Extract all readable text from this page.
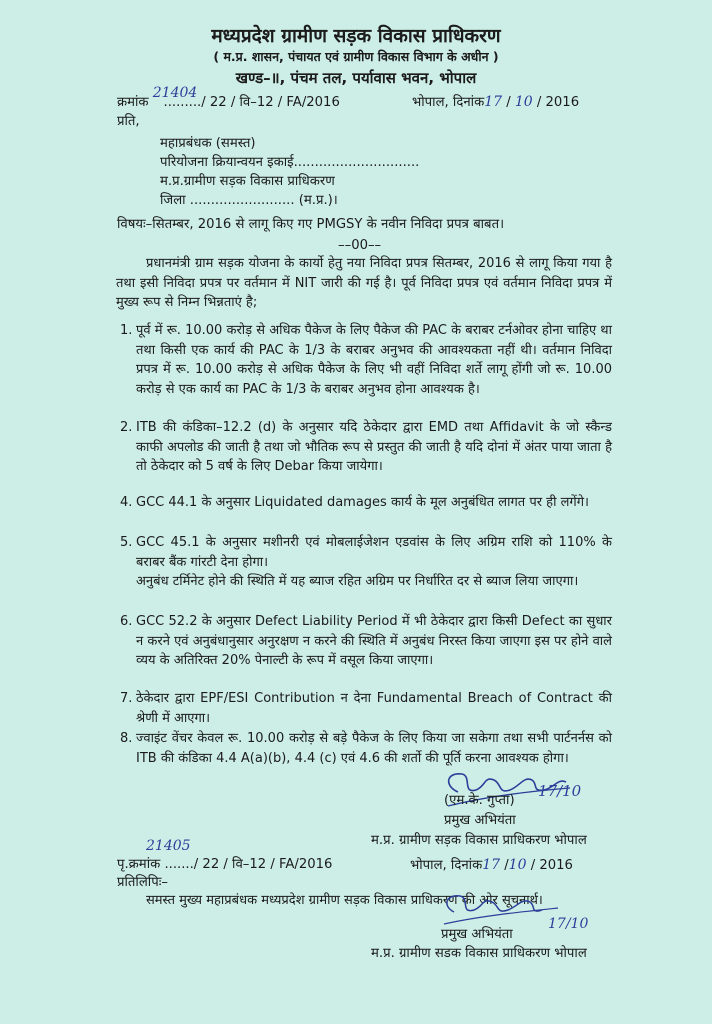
मध्यप्रदेश ग्रामीण सड़क विकास प्राधिकरण
( म.प्र. शासन, पंचायत एवं ग्रामीण विकास विभाग के अधीन )
खण्ड–॥, पंचम तल, पर्यावास भवन, भोपाल
क्रमांक 21404 ........./ 22 / वि–12 / FA/2016	भोपाल, दिनांक17 / 10 / 2016
प्रति,
महाप्रबंधक (समस्त)
परियोजना क्रियान्वयन इकाई..............................
म.प्र.ग्रामीण सड़क विकास प्राधिकरण
जिला ......................... (म.प्र.)।
विषयः–सितम्बर, 2016 से लागू किए गए PMGSY के नवीन निविदा प्रपत्र बाबत।
––00––
प्रधानमंत्री ग्राम सड़क योजना के कार्यो हेतु नया निविदा प्रपत्र सितम्बर, 2016 से लागू किया गया है तथा इसी निविदा प्रपत्र पर वर्तमान में NIT जारी की गई है। पूर्व निविदा प्रपत्र एवं वर्तमान निविदा प्रपत्र में मुख्य रूप से निम्न भिन्नताएं है;
1. पूर्व में रू. 10.00 करोड़ से अधिक पैकेज के लिए पैकेज की PAC के बराबर टर्नओवर होना चाहिए था तथा किसी एक कार्य की PAC के 1/3 के बराबर अनुभव की आवश्यकता नहीं थी। वर्तमान निविदा प्रपत्र में रू. 10.00 करोड़ से अधिक पैकेज के लिए भी वहीं निविदा शर्ते लागू होंगी जो रू. 10.00 करोड़ से एक कार्य का PAC के 1/3 के बराबर अनुभव होना आवश्यक है।
2. ITB की कंडिका–12.2 (d) के अनुसार यदि ठेकेदार द्वारा EMD तथा Affidavit के जो स्कैन्ड काफी अपलोड की जाती है तथा जो भौतिक रूप से प्रस्तुत की जाती है यदि दोनां में अंतर पाया जाता है तो ठेकेदार को 5 वर्ष के लिए Debar किया जायेगा।
4. GCC 44.1 के अनुसार Liquidated damages कार्य के मूल अनुबंधित लागत पर ही लगेंगे।
5. GCC 45.1 के अनुसार मशीनरी एवं मोबलाईजेशन एडवांस के लिए अग्रिम राशि को 110% के बराबर बैंक गांरटी देना होगा।
अनुबंध टर्मिनेट होने की स्थिति में यह ब्याज रहित अग्रिम पर निर्धारित दर से ब्याज लिया जाएगा।
6. GCC 52.2 के अनुसार Defect Liability Period में भी ठेकेदार द्वारा किसी Defect का सुधार न करने एवं अनुबंधानुसार अनुरक्षण न करने की स्थिति में अनुबंध निरस्त किया जाएगा इस पर होने वाले व्यय के अतिरिक्त 20% पेनाल्टी के रूप में वसूल किया जाएगा।
7. ठेकेदार द्वारा EPF/ESI Contribution न देना Fundamental Breach of Contract की श्रेणी में आएगा।
8. ज्वाइंट वेंचर केवल रू. 10.00 करोड़ से बड़े पैकेज के लिए किया जा सकेगा तथा सभी पार्टनर्नस को ITB की कंडिका 4.4 A(a)(b), 4.4 (c) एवं 4.6 की शर्तो की पूर्ति करना आवश्यक होगा।
17/10
(एम.के. गुप्ता)
प्रमुख अभियंता
म.प्र. ग्रामीण सड़क विकास प्राधिकरण भोपाल
21405
पृ.क्रमांक ......./ 22 / वि–12 / FA/2016	भोपाल, दिनांक17 /10 / 2016
प्रतिलिपिः–
समस्त मुख्य महाप्रबंधक मध्यप्रदेश ग्रामीण सड़क विकास प्राधिकरण की ओर सूचनार्थ।
17/10
प्रमुख अभियंता
म.प्र. ग्रामीण सडक विकास प्राधिकरण भोपाल
